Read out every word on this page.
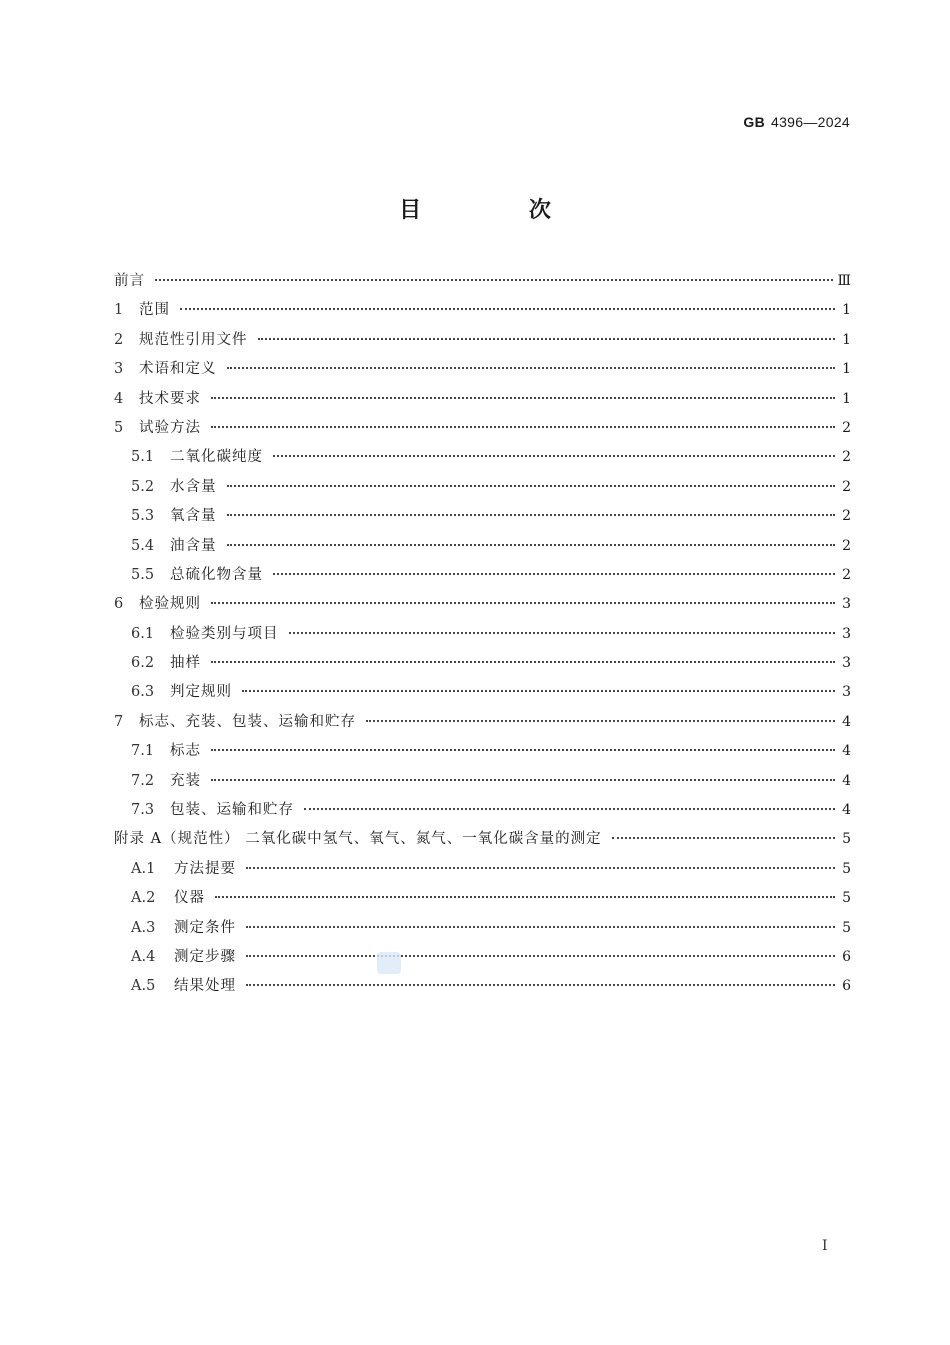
GB 4396—2024
目 次
前言	Ⅲ
1	范围	1
2	规范性引用文件	1
3	术语和定义	1
4	技术要求	1
5	试验方法	2
5.1	二氧化碳纯度	2
5.2	水含量	2
5.3	氧含量	2
5.4	油含量	2
5.5	总硫化物含量	2
6	检验规则	3
6.1	检验类别与项目	3
6.2	抽样	3
6.3	判定规则	3
7	标志、充装、包装、运输和贮存	4
7.1	标志	4
7.2	充装	4
7.3	包装、运输和贮存	4
附录 A（规范性） 二氧化碳中氢气、氧气、氮气、一氧化碳含量的测定	5
A.1	方法提要	5
A.2	仪器	5
A.3	测定条件	5
A.4	测定步骤	6
A.5	结果处理	6
I
